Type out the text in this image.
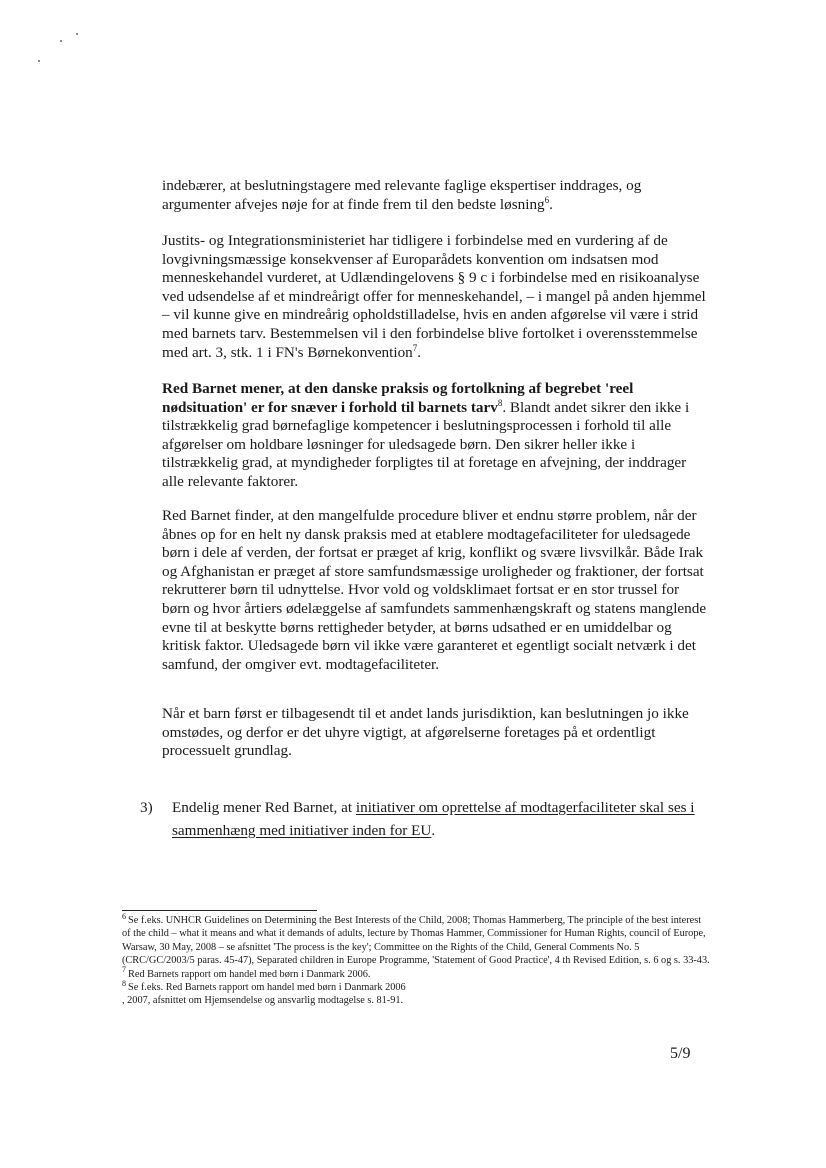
indebærer, at beslutningstagere med relevante faglige ekspertiser inddrages, og argumenter afvejes nøje for at finde frem til den bedste løsning$^6$.

Justits- og Integrationsministeriet har tidligere i forbindelse med en vurdering af de lovgivningsmæssige konsekvenser af Europarådets konvention om indsatsen mod menneskehandel vurderet, at Udlændingelovens § 9 c i forbindelse med en risikoanalyse ved udsendelse af et mindreårigt offer for menneskehandel, – i mangel på anden hjemmel – vil kunne give en mindreårig opholdstilladelse, hvis en anden afgørelse vil være i strid med barnets tarv. Bestemmelsen vil i den forbindelse blive fortolket i overensstemmelse med art. 3, stk. 1 i FN's Børnekonvention$^7$.

Red Barnet mener, at den danske praksis og fortolkning af begrebet 'reel nødsituation' er for snæver i forhold til barnets tarv$^8$. Blandt andet sikrer den ikke i tilstrækkelig grad børnefaglige kompetencer i beslutningsprocessen i forhold til alle afgørelser om holdbare løsninger for uledsagede børn. Den sikrer heller ikke i tilstrækkelig grad, at myndigheder forpligtes til at foretage en afvejning, der inddrager alle relevante faktorer.

Red Barnet finder, at den mangelfulde procedure bliver et endnu større problem, når der åbnes op for en helt ny dansk praksis med at etablere modtagefaciliteter for uledsagede børn i dele af verden, der fortsat er præget af krig, konflikt og svære livsvilkår. Både Irak og Afghanistan er præget af store samfundsmæssige uroligheder og fraktioner, der fortsat rekrutterer børn til udnyttelse. Hvor vold og voldsklimaet fortsat er en stor trussel for børn og hvor årtiers ødelæggelse af samfundets sammenhængskraft og statens manglende evne til at beskytte børns rettigheder betyder, at børns udsathed er en umiddelbar og kritisk faktor. Uledsagede børn vil ikke være garanteret et egentligt socialt netværk i det samfund, der omgiver evt. modtagefaciliteter.

Når et barn først er tilbagesendt til et andet lands jurisdiktion, kan beslutningen jo ikke omstødes, og derfor er det uhyre vigtigt, at afgørelserne foretages på et ordentligt processuelt grundlag.

3) Endelig mener Red Barnet, at initiativer om oprettelse af modtagerfaciliteter skal ses i sammenhæng med initiativer inden for EU.

$^6$ Se f.eks. UNHCR Guidelines on Determining the Best Interests of the Child, 2008; Thomas Hammerberg, The principle of the best interest of the child – what it means and what it demands of adults, lecture by Thomas Hammer, Commissioner for Human Rights, council of Europe, Warsaw, 30 May, 2008 – se afsnittet 'The process is the key'; Committee on the Rights of the Child, General Comments No. 5 (CRC/GC/2003/5 paras. 45-47), Separated children in Europe Programme, 'Statement of Good Practice', 4 th Revised Edition, s. 6 og s. 33-43.

$^7$ Red Barnets rapport om handel med børn i Danmark 2006.

$^8$ Se f.eks. Red Barnets rapport om handel med børn i Danmark 2006

, 2007, afsnittet om Hjemsendelse og ansvarlig modtagelse s. 81-91.

5/9
